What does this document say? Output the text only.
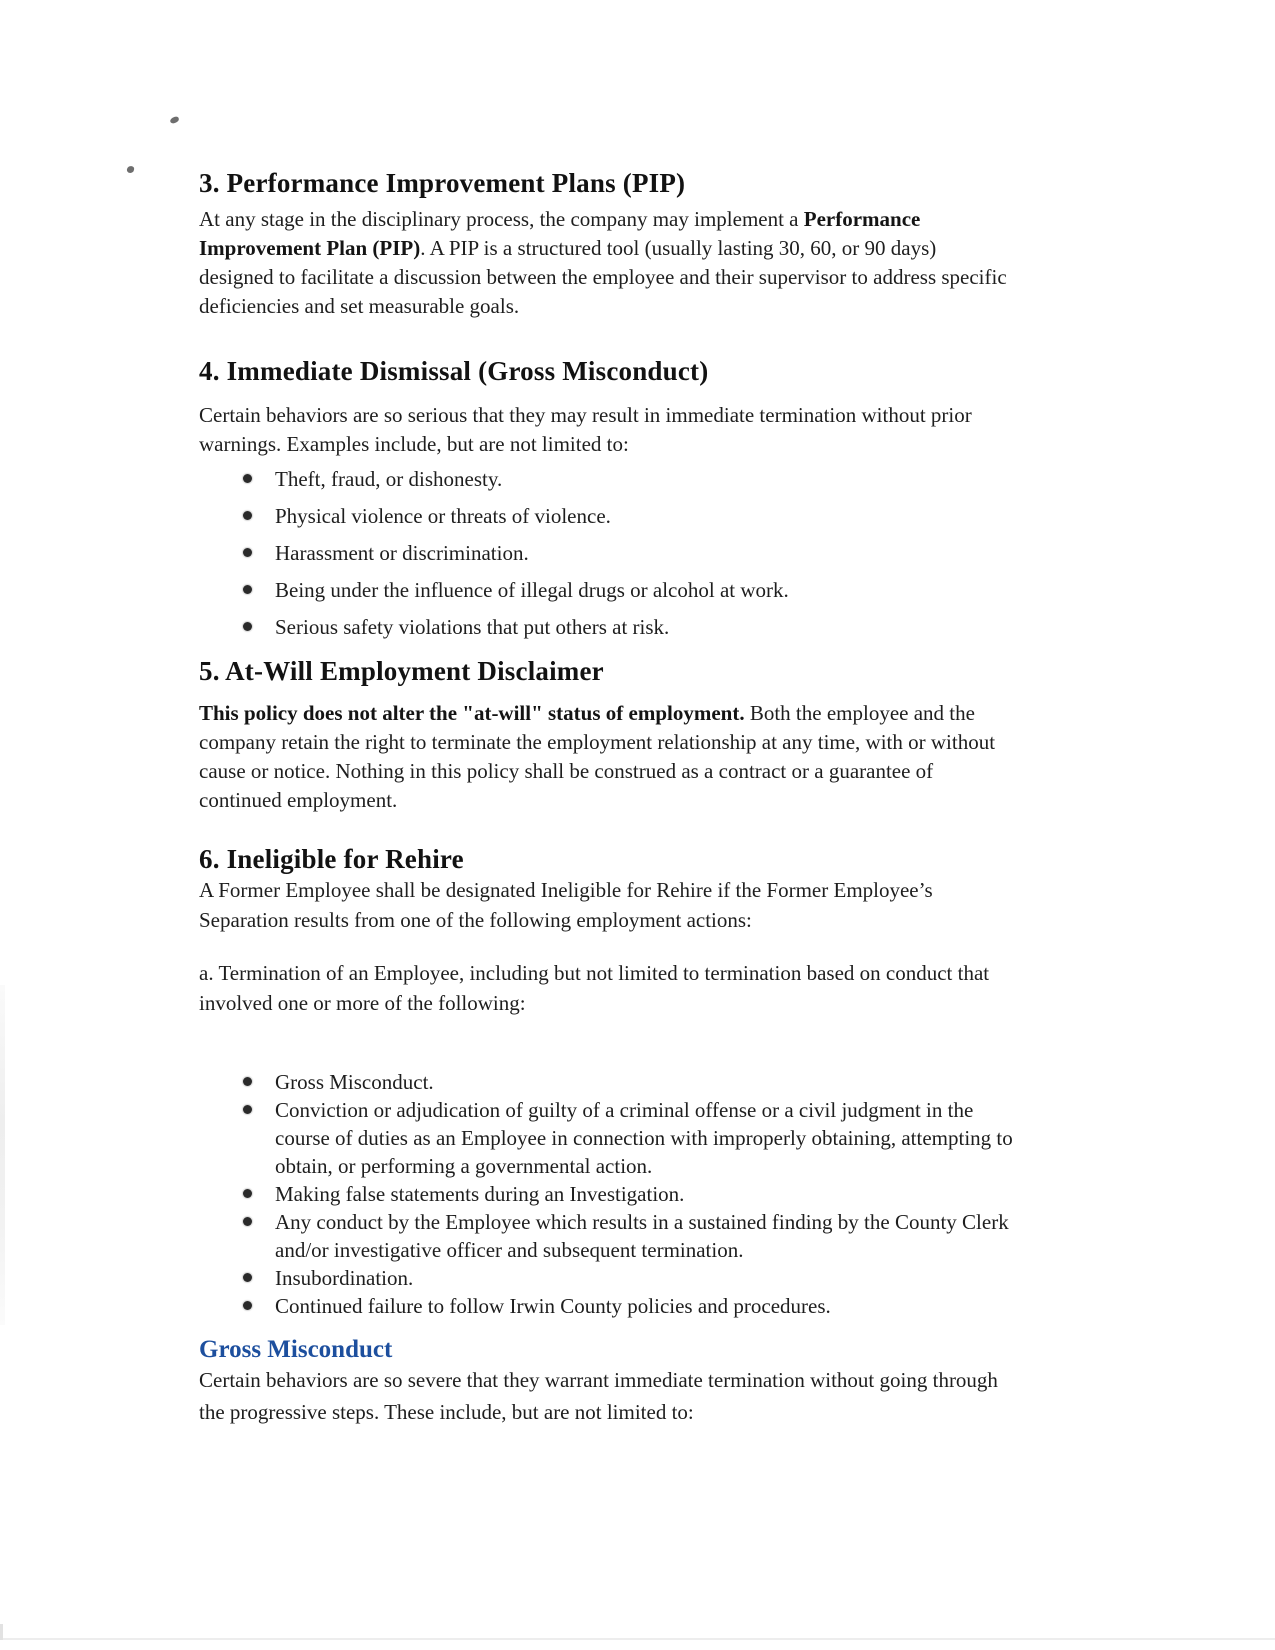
3. Performance Improvement Plans (PIP)

At any stage in the disciplinary process, the company may implement a Performance Improvement Plan (PIP). A PIP is a structured tool (usually lasting 30, 60, or 90 days) designed to facilitate a discussion between the employee and their supervisor to address specific deficiencies and set measurable goals.

4. Immediate Dismissal (Gross Misconduct)

Certain behaviors are so serious that they may result in immediate termination without prior warnings. Examples include, but are not limited to:

Theft, fraud, or dishonesty.
Physical violence or threats of violence.
Harassment or discrimination.
Being under the influence of illegal drugs or alcohol at work.
Serious safety violations that put others at risk.
5. At-Will Employment Disclaimer

This policy does not alter the "at-will" status of employment. Both the employee and the company retain the right to terminate the employment relationship at any time, with or without cause or notice. Nothing in this policy shall be construed as a contract or a guarantee of continued employment.

6. Ineligible for Rehire

A Former Employee shall be designated Ineligible for Rehire if the Former Employee’s Separation results from one of the following employment actions:

a. Termination of an Employee, including but not limited to termination based on conduct that involved one or more of the following:

Gross Misconduct.
Conviction or adjudication of guilty of a criminal offense or a civil judgment in the course of duties as an Employee in connection with improperly obtaining, attempting to obtain, or performing a governmental action.
Making false statements during an Investigation.
Any conduct by the Employee which results in a sustained finding by the County Clerk and/or investigative officer and subsequent termination.
Insubordination.
Continued failure to follow Irwin County policies and procedures.
Gross Misconduct

Certain behaviors are so severe that they warrant immediate termination without going through the progressive steps. These include, but are not limited to:
